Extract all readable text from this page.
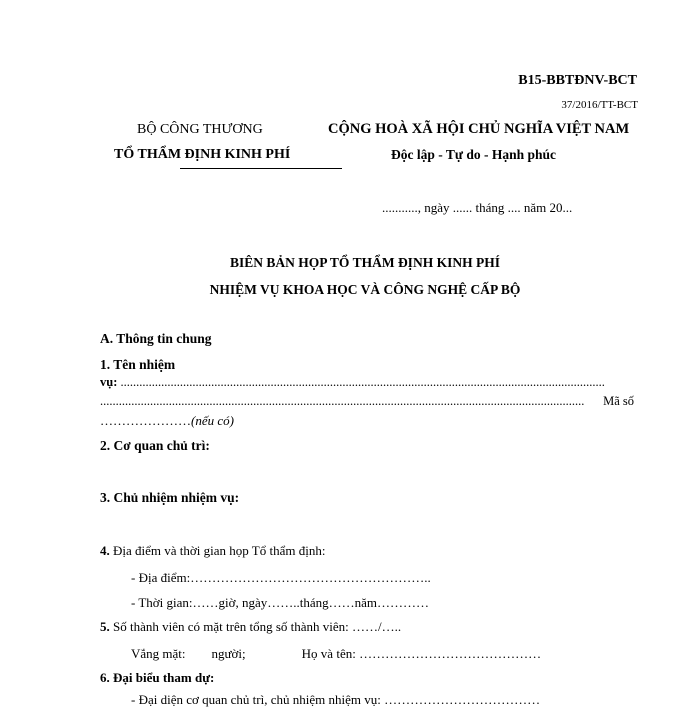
B15-BBTĐNV-BCT
37/2016/TT-BCT
BỘ CÔNG THƯƠNG
TỔ THẨM ĐỊNH KINH PHÍ
CỘNG HOÀ XÃ HỘI CHỦ NGHĨA VIỆT NAM
Độc lập - Tự do - Hạnh phúc
..........., ngày ...... tháng .... năm 20...
BIÊN BẢN HỌP TỔ THẨM ĐỊNH KINH PHÍ
NHIỆM VỤ KHOA HỌC VÀ CÔNG NGHỆ CẤP BỘ
A. Thông tin chung
1. Tên nhiệm
vụ:
...........................................................................................................................................................
...........................................................................................................................................................
	Mã số
…………………(nếu có)
2. Cơ quan chủ trì:
3. Chủ nhiệm nhiệm vụ:
4. Địa điểm và thời gian họp Tổ thẩm định:
- Địa điểm:………………………………………………..
- Thời gian:……giờ, ngày……..tháng……năm…………
5. Số thành viên có mặt trên tổng số thành viên: ……/…..
Vắng mặt: người;	Họ và tên: ……………………………………
6. Đại biểu tham dự:
- Đại diện cơ quan chủ trì, chủ nhiệm nhiệm vụ: ………………………………
